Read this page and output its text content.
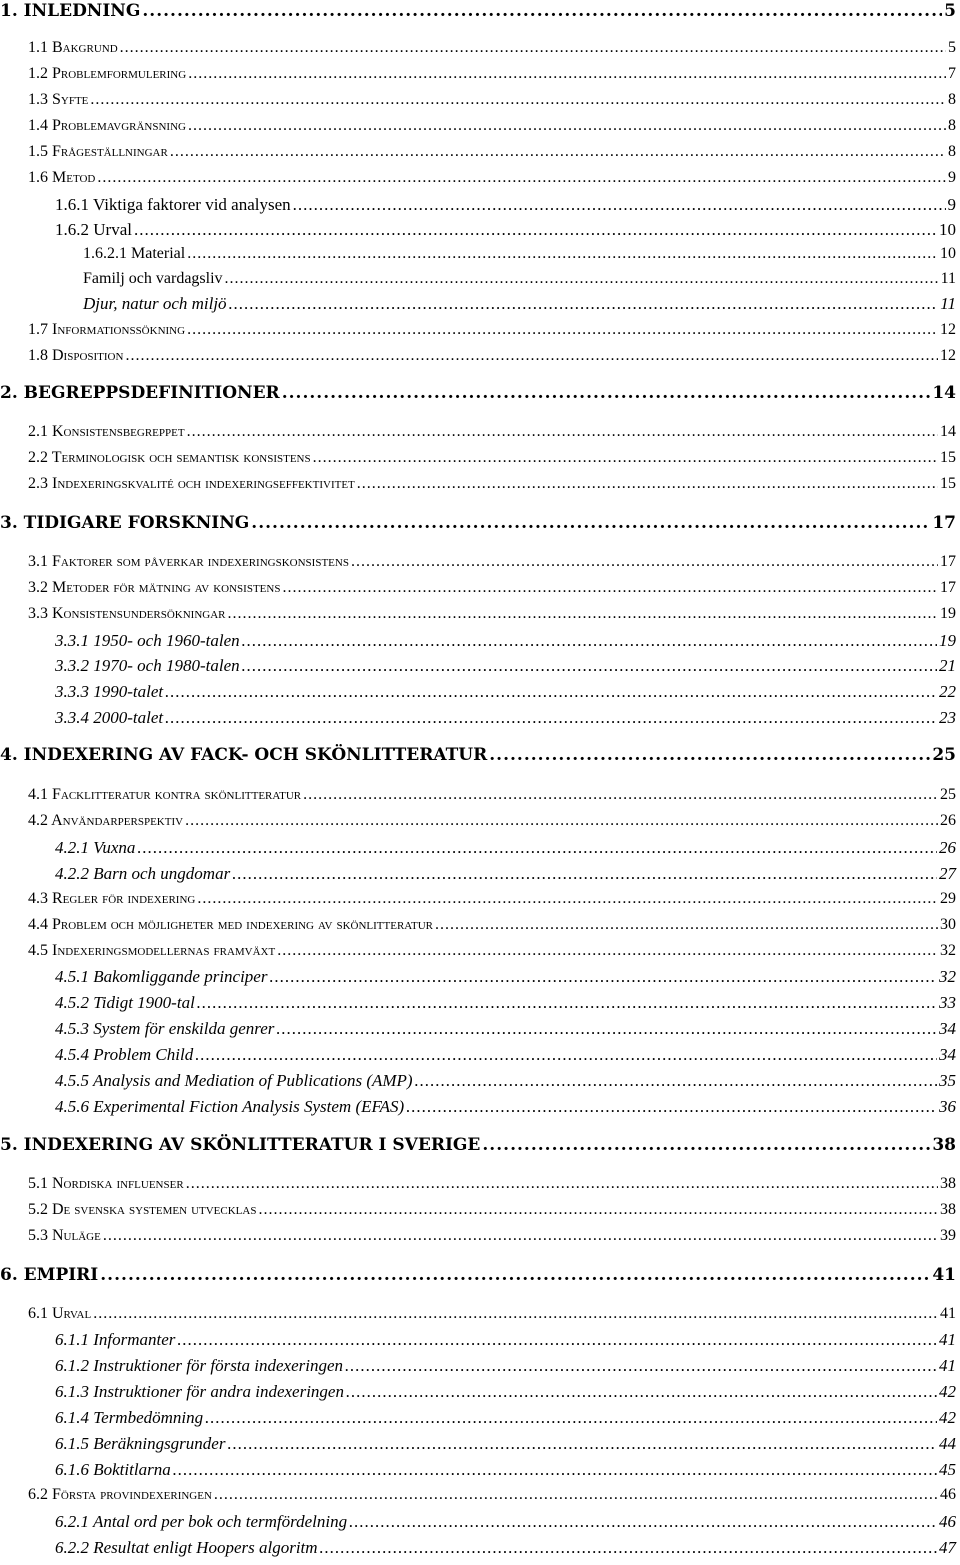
1. INLEDNING .....	5
1.1 Bakgrund .....	5
1.2 Problemformulering .....	7
1.3 Syfte .....	8
1.4 Problemavgränsning .....	8
1.5 Frågeställningar .....	8
1.6 Metod .....	9
1.6.1 Viktiga faktorer vid analysen .....	9
1.6.2 Urval .....	10
1.6.2.1 Material .....	10
Familj och vardagsliv .....	11
Djur, natur och miljö .....	11
1.7 Informationssökning .....	12
1.8 Disposition .....	12
2. BEGREPPSDEFINITIONER .....	14
2.1 Konsistensbegreppet .....	14
2.2 Terminologisk och semantisk konsistens .....	15
2.3 Indexeringskvalité och indexeringseffektivitet .....	15
3. TIDIGARE FORSKNING .....	17
3.1 Faktorer som påverkar indexeringskonsistens .....	17
3.2 Metoder för mätning av konsistens .....	17
3.3 Konsistensundersökningar .....	19
3.3.1 1950- och 1960-talen .....	19
3.3.2 1970- och 1980-talen .....	21
3.3.3 1990-talet .....	22
3.3.4 2000-talet .....	23
4. INDEXERING AV FACK- OCH SKÖNLITTERATUR .....	25
4.1 Facklitteratur kontra skönlitteratur .....	25
4.2 Användarperspektiv .....	26
4.2.1 Vuxna .....	26
4.2.2 Barn och ungdomar .....	27
4.3 Regler för indexering .....	29
4.4 Problem och möjligheter med indexering av skönlitteratur .....	30
4.5 Indexeringsmodellernas framväxt .....	32
4.5.1 Bakomliggande principer .....	32
4.5.2 Tidigt 1900-tal .....	33
4.5.3 System för enskilda genrer .....	34
4.5.4 Problem Child .....	34
4.5.5 Analysis and Mediation of Publications (AMP) .....	35
4.5.6 Experimental Fiction Analysis System (EFAS) .....	36
5. INDEXERING AV SKÖNLITTERATUR I SVERIGE .....	38
5.1 Nordiska influenser .....	38
5.2 De svenska systemen utvecklas .....	38
5.3 Nuläge .....	39
6. EMPIRI .....	41
6.1 Urval .....	41
6.1.1 Informanter .....	41
6.1.2 Instruktioner för första indexeringen .....	41
6.1.3 Instruktioner för andra indexeringen .....	42
6.1.4 Termbedömning .....	42
6.1.5 Beräkningsgrunder .....	44
6.1.6 Boktitlarna .....	45
6.2 Första provindexeringen .....	46
6.2.1 Antal ord per bok och termfördelning .....	46
6.2.2 Resultat enligt Hoopers algoritm .....	47
